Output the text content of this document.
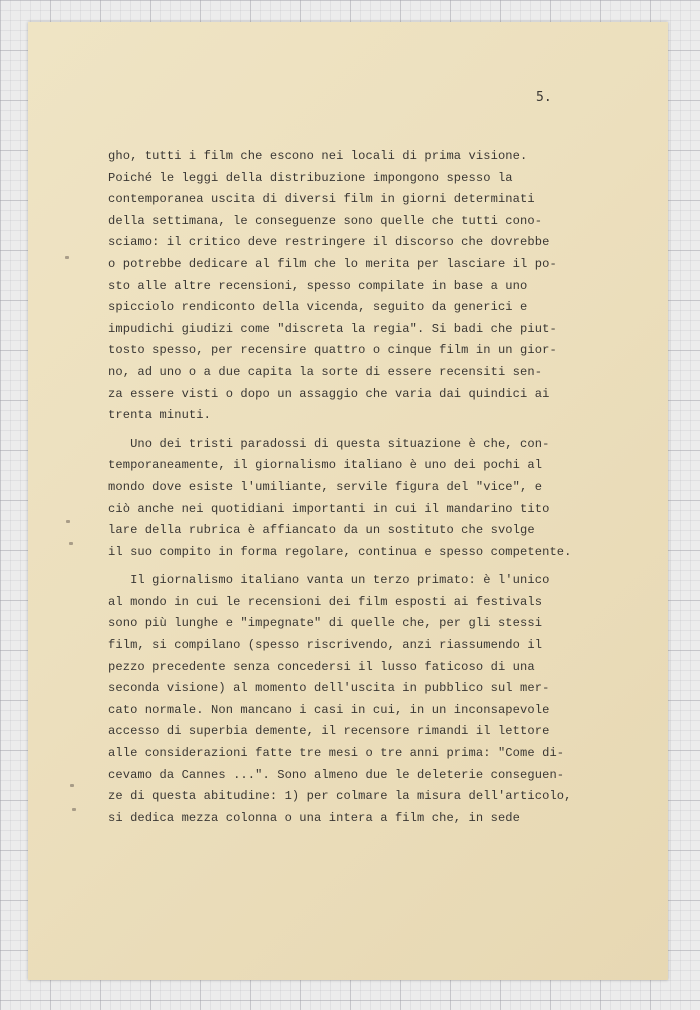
5.
gho, tutti i film che escono nei locali di prima visione.
Poiché le leggi della distribuzione impongono spesso la
contemporanea uscita di diversi film in giorni determinati
della settimana, le conseguenze sono quelle che tutti cono-
sciamo: il critico deve restringere il discorso che dovrebbe
o potrebbe dedicare al film che lo merita per lasciare il po-
sto alle altre recensioni, spesso compilate in base a uno
spicciolo rendiconto della vicenda, seguito da generici e
impudichi giudizi come "discreta la regia". Si badi che piut-
tosto spesso, per recensire quattro o cinque film in un gior-
no, ad uno o a due capita la sorte di essere recensiti sen-
za essere visti o dopo un assaggio che varia dai quindici ai
trenta minuti.
Uno dei tristi paradossi di questa situazione è che, con-
temporaneamente, il giornalismo italiano è uno dei pochi al
mondo dove esiste l'umiliante, servile figura del "vice", e
ciò anche nei quotidiani importanti in cui il mandarino tito
lare della rubrica è affiancato da un sostituto che svolge
il suo compito in forma regolare, continua e spesso competente.
Il giornalismo italiano vanta un terzo primato: è l'unico
al mondo in cui le recensioni dei film esposti ai festivals
sono più lunghe e "impegnate" di quelle che, per gli stessi
film, si compilano (spesso riscrivendo, anzi riassumendo il
pezzo precedente senza concedersi il lusso faticoso di una
seconda visione) al momento dell'uscita in pubblico sul mer-
cato normale. Non mancano i casi in cui, in un inconsapevole
accesso di superbia demente, il recensore rimandi il lettore
alle considerazioni fatte tre mesi o tre anni prima: "Come di-
cevamo da Cannes ...". Sono almeno due le deleterie conseguen-
ze di questa abitudine: 1) per colmare la misura dell'articolo,
si dedica mezza colonna o una intera a film che, in sede
